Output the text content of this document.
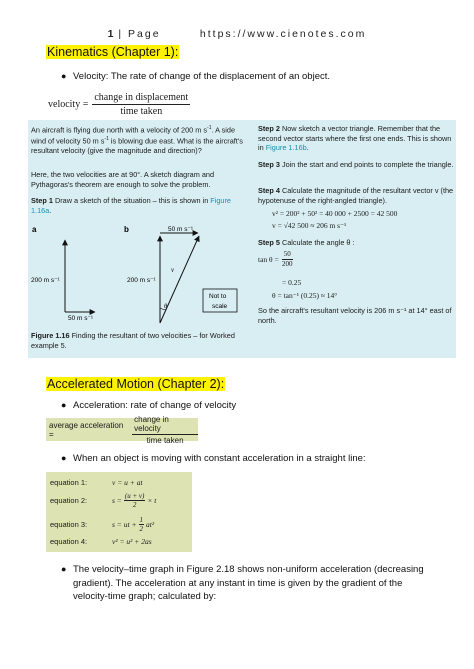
1 | Page	https://www.cienotes.com
Kinematics (Chapter 1):
● Velocity: The rate of change of the displacement of an object.
velocity = $\frac{\text{change in displacement}}{\text{time taken}}$
An aircraft is flying due north with a velocity of 200 m $s^{-1}$. A side wind of velocity 50 m $s^{-1}$ is blowing due east. What is the aircraft's resultant velocity (give the magnitude and direction)?
Here, the two velocities are at 90°. A sketch diagram and Pythagoras's theorem are enough to solve the problem.
Step 1 Draw a sketch of the situation – this is shown in Figure 1.16a.
a
200 m s⁻¹
50 m s⁻¹
b	50 m s⁻¹
200 m s⁻¹
v
θ
Not to
scale
Figure 1.16 Finding the resultant of two velocities – for Worked example 5.
Step 2 Now sketch a vector triangle. Remember that the second vector starts where the first one ends. This is shown in Figure 1.16b.
Step 3 Join the start and end points to complete the triangle.
Step 4 Calculate the magnitude of the resultant vector v (the hypotenuse of the right-angled triangle).
v² = 200² + 50² = 40 000 + 2500 = 42 500
v = √42 500 ≈ 206 m s⁻¹
Step 5 Calculate the angle θ :
$\tan \theta = \frac{50}{200}$
= 0.25
θ = tan⁻¹ (0.25) ≈ 14°
So the aircraft's resultant velocity is 206 m s⁻¹ at 14° east of north.
Accelerated Motion (Chapter 2):
● Acceleration: rate of change of velocity
average acceleration =	$\frac{\text{change in velocity}}{\text{time taken}}$
● When an object is moving with constant acceleration in a straight line:
equation 1:	v = u + at
equation 2:	$s = \frac{(u + v)}{2} \times t$
equation 3:	s = ut + $\frac{1}{2} at^2$
equation 4:	v² = u² + 2as
● The velocity–time graph in Figure 2.18 shows non-uniform acceleration (decreasing gradient). The acceleration at any instant in time is given by the gradient of the velocity-time graph; calculated by:
